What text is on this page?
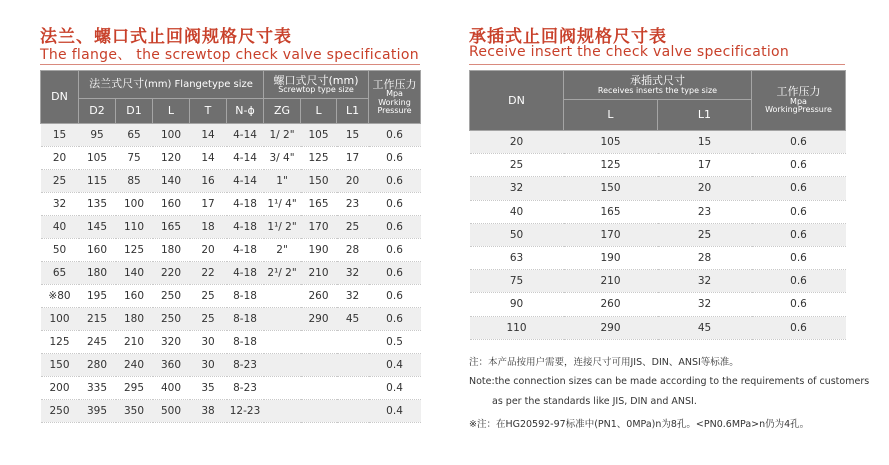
法兰、螺口式止回阀规格尺寸表
The flange、 the screwtop check valve specification
DN	法兰式尺寸(mm) Flangetype size					螺口式尺寸(mm)
Screwtop type size			工作压力
Mpa
Working
Pressure

	D2	D1	L	T	N-ϕ	ZG	L	L1	
15	95	65	100	14	4-14	1/ 2"	105	15	0.6
20	105	75	120	14	4-14	3/ 4"	125	17	0.6
25	115	85	140	16	4-14	1"	150	20	0.6
32	135	100	160	17	4-18	1¹/ 4"	165	23	0.6
40	145	110	165	18	4-18	1¹/ 2"	170	25	0.6
50	160	125	180	20	4-18	2"	190	28	0.6
65	180	140	220	22	4-18	2¹/ 2"	210	32	0.6
※80	195	160	250	25	8-18		260	32	0.6
100	215	180	250	25	8-18		290	45	0.6
125	245	210	320	30	8-18				0.5
150	280	240	360	30	8-23				0.4
200	335	295	400	35	8-23				0.4
250	395	350	500	38	12-23				0.4
承插式止回阀规格尺寸表
Receive insert the check valve specification
DN	承插式尺寸
Receives inserts the type size		工作压力
Mpa
WorkingPressure

	L	L1	
20	105	15	0.6
25	125	17	0.6
32	150	20	0.6
40	165	23	0.6
50	170	25	0.6
63	190	28	0.6
75	210	32	0.6
90	260	32	0.6
110	290	45	0.6
注：本产品按用户需要，连接尺寸可用JIS、DIN、ANSI等标准。
Note:the connection sizes can be made according to the requirements of customers
as per the standards like JIS, DIN and ANSI.
※注：在HG20592-97标准中(PN1、0MPa)n为8孔。<PN0.6MPa>n仍为4孔。
